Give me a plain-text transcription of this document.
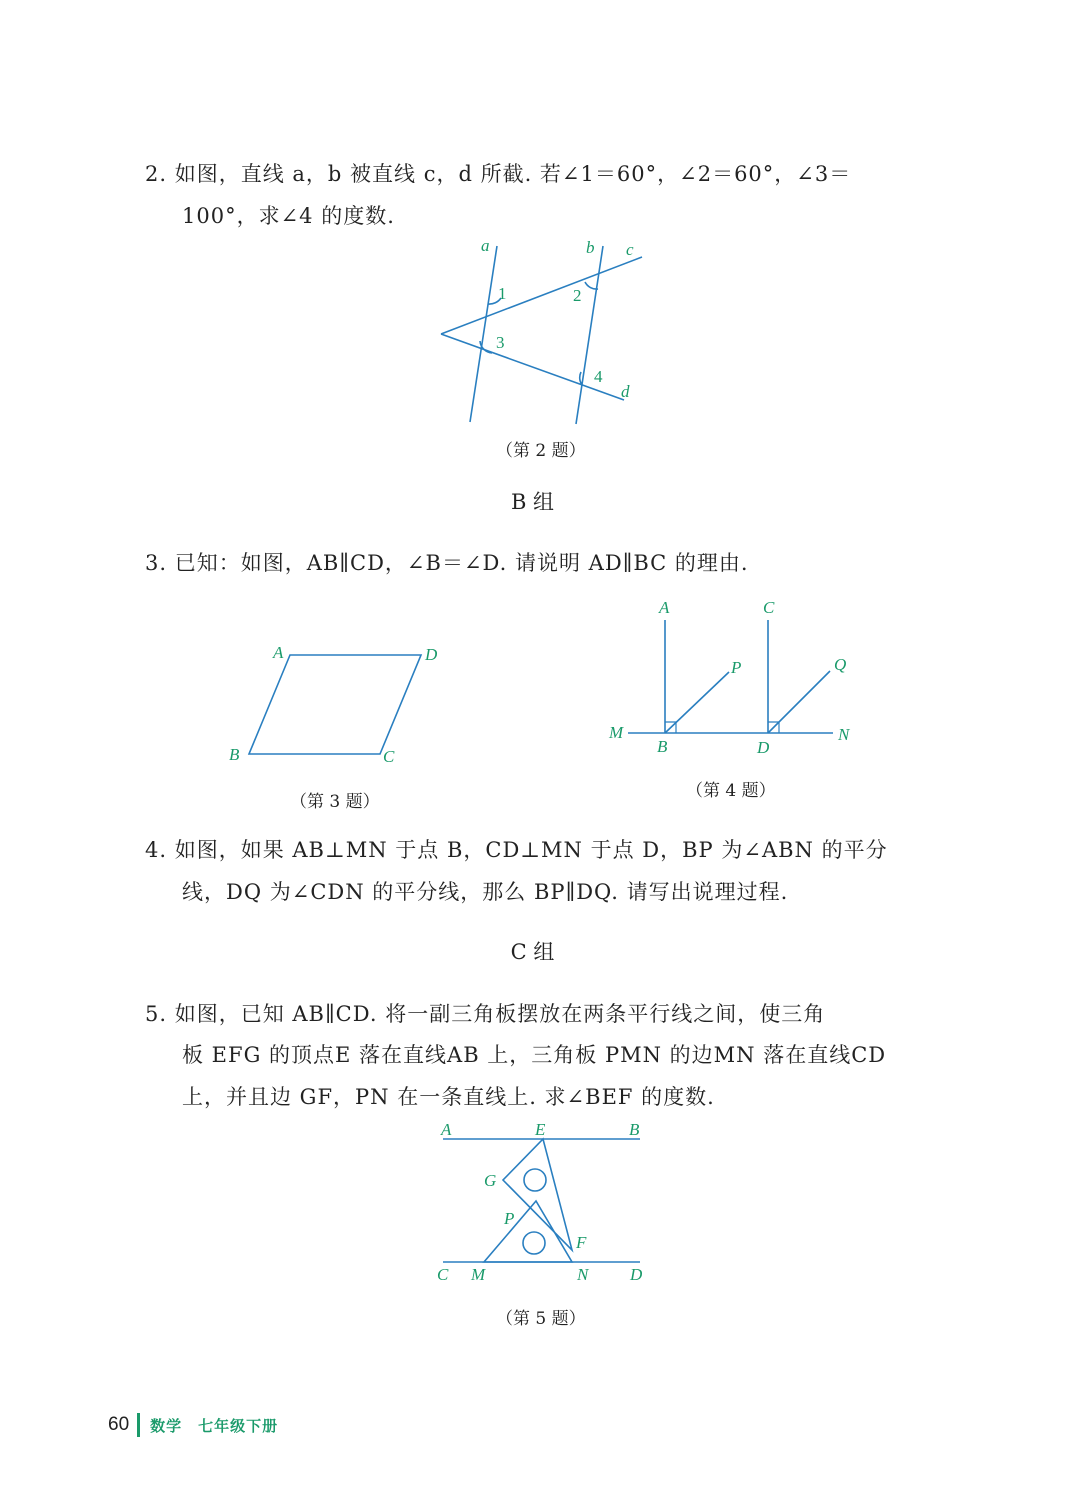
2. 如图，直线 a，b 被直线 c，d 所截. 若∠1＝60°，∠2＝60°，∠3＝
100°，求∠4 的度数.
a	b c
d
1	2
3
4
（第 2 题）
B 组
3. 已知：如图，AB∥CD，∠B＝∠D. 请说明 AD∥BC 的理由.
A	D
B	C
（第 3 题）
A	C
P	Q
M
B	D
N
（第 4 题）
4. 如图，如果 AB⊥MN 于点 B，CD⊥MN 于点 D，BP 为∠ABN 的平分
线，DQ 为∠CDN 的平分线，那么 BP∥DQ. 请写出说理过程.
C 组
5. 如图，已知 AB∥CD. 将一副三角板摆放在两条平行线之间，使三角
板 EFG 的顶点E 落在直线AB 上，三角板 PMN 的边MN 落在直线CD
上，并且边 GF，PN 在一条直线上. 求∠BEF 的度数.
A	E	B
G
P
F
C M	N D
（第 5 题）
60 数学　七年级下册
